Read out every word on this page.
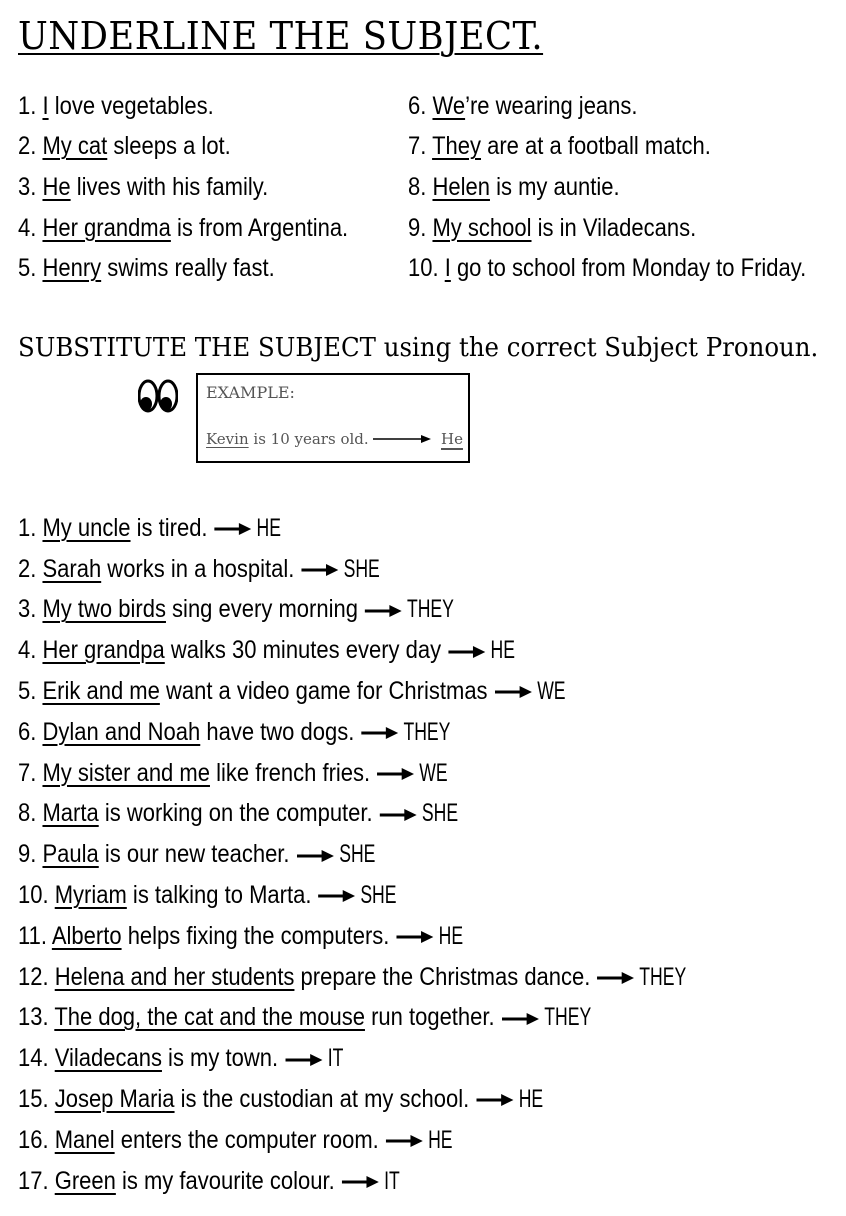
UNDERLINE THE SUBJECT.
1. I love vegetables.
2. My cat sleeps a lot.
3. He lives with his family.
4. Her grandma is from Argentina.
5. Henry swims really fast.
6. We’re wearing jeans.
7. They are at a football match.
8. Helen is my auntie.
9. My school is in Viladecans.
10. I go to school from Monday to Friday.
SUBSTITUTE THE SUBJECT using the correct Subject Pronoun.
EXAMPLE:
Kevin is 10 years old.	He
1. My uncle is tired. HE
2. Sarah works in a hospital. SHE
3. My two birds sing every morning THEY
4. Her grandpa walks 30 minutes every day HE
5. Erik and me want a video game for Christmas WE
6. Dylan and Noah have two dogs. THEY
7. My sister and me like french fries. WE
8. Marta is working on the computer. SHE
9. Paula is our new teacher. SHE
10. Myriam is talking to Marta. SHE
11. Alberto helps fixing the computers. HE
12. Helena and her students prepare the Christmas dance. THEY
13. The dog, the cat and the mouse run together. THEY
14. Viladecans is my town. IT
15. Josep Maria is the custodian at my school. HE
16. Manel enters the computer room. HE
17. Green is my favourite colour. IT
